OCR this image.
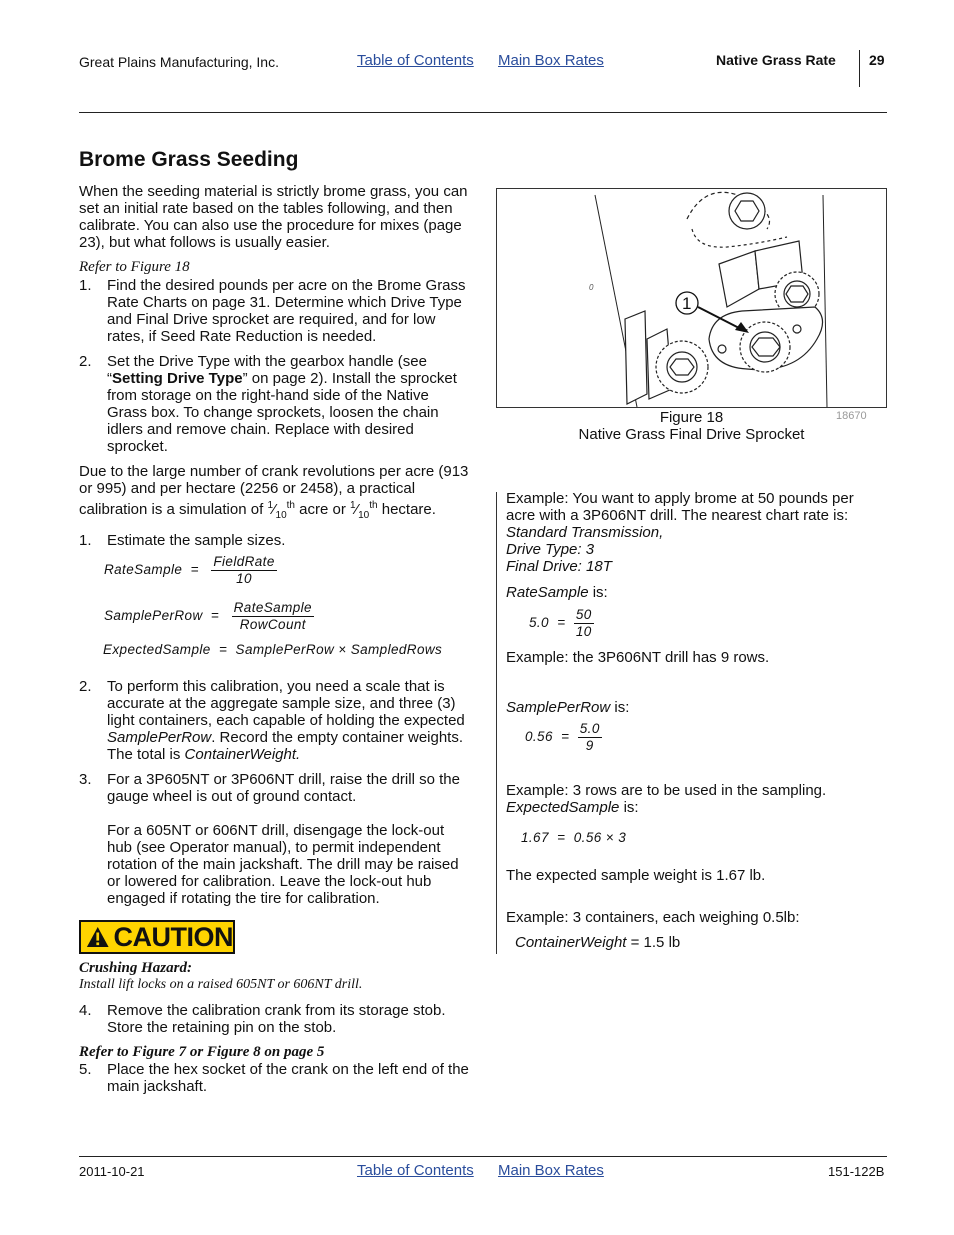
Great Plains Manufacturing, Inc.	Table of Contents Main Box Rates	Native Grass Rate 29
Brome Grass Seeding

When the seeding material is strictly brome grass, you can set an initial rate based on the tables following, and then calibrate. You can also use the procedure for mixes (page 23), but what follows is usually easier.

Refer to Figure 18
1. Find the desired pounds per acre on the Brome Grass Rate Charts on page 31. Determine which Drive Type and Final Drive sprocket are required, and for low rates, if Seed Rate Reduction is needed.
2. Set the Drive Type with the gearbox handle (see “Setting Drive Type” on page 2). Install the sprocket from storage on the right-hand side of the Native Grass box. To change sprockets, loosen the chain idlers and remove chain. Replace with desired sprocket.

Due to the large number of crank revolutions per acre (913 or 995) and per hectare (2256 or 2458), a practical calibration is a simulation of $^1⁄_{10}^{th}$ acre or $^1⁄_{10}^{th}$ hectare.

1. Estimate the sample sizes.
RateSample = $\frac{\text{FieldRate}}{10}$
SamplePerRow = $\frac{\text{RateSample}}{\text{RowCount}}$
ExpectedSample  =  SamplePerRow × SampledRows
2. To perform this calibration, you need a scale that is accurate at the aggregate sample size, and three (3) light containers, each capable of holding the expected SamplePerRow. Record the empty container weights. The total is ContainerWeight.
3. For a 3P605NT or 3P606NT drill, raise the drill so the gauge wheel is out of ground contact.
For a 605NT or 606NT drill, disengage the lock-out hub (see Operator manual), to permit independent rotation of the main jackshaft. The drill may be raised or lowered for calibration. Leave the lock-out hub engaged if rotating the tire for calibration.
CAUTION
Crushing Hazard:
Install lift locks on a raised 605NT or 606NT drill.
4. Remove the calibration crank from its storage stob. Store the retaining pin on the stob.
Refer to Figure 7 or Figure 8 on page 5
5. Place the hex socket of the crank on the left end of the main jackshaft.
1
0
Figure 18
Native Grass Final Drive Sprocket
18670
Example: You want to apply brome at 50 pounds per acre with a 3P606NT drill. The nearest chart rate is:
Standard Transmission,
Drive Type: 3
Final Drive: 18T
RateSample is:
$5.0 = \frac{50}{10}$
Example: the 3P606NT drill has 9 rows.
SamplePerRow is:
$0.56 = \frac{5.0}{9}$
Example: 3 rows are to be used in the sampling.
ExpectedSample is:
1.67  =  0.56 × 3
The expected sample weight is 1.67 lb.
Example: 3 containers, each weighing 0.5lb:
ContainerWeight = 1.5 lb
2011-10-21	Table of Contents Main Box Rates	151-122B
